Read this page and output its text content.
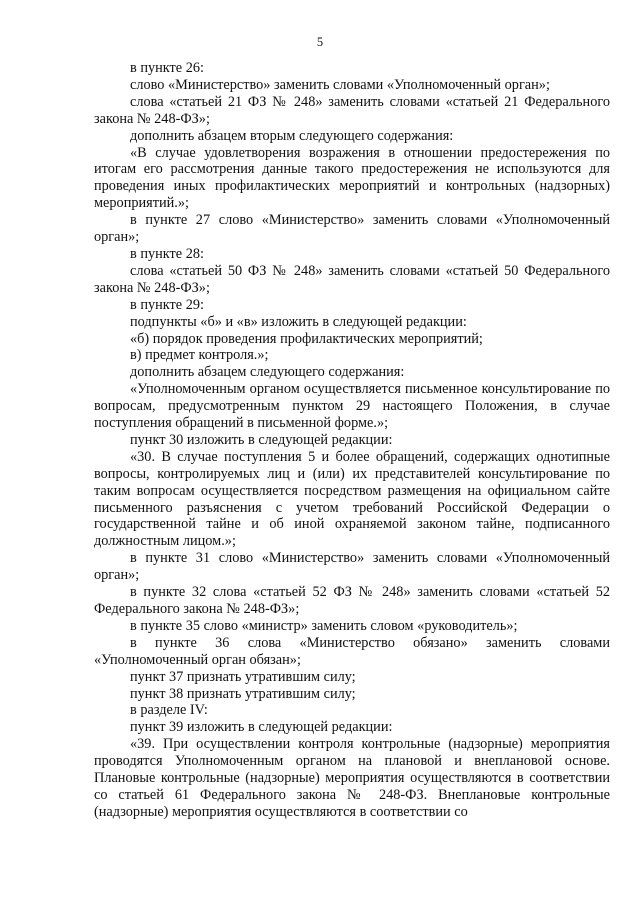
5

в пункте 26:

слово «Министерство» заменить словами «Уполномоченный орган»;

слова «статьей 21 ФЗ № 248» заменить словами «статьей 21 Федерального закона № 248-ФЗ»;

дополнить абзацем вторым следующего содержания:

«В случае удовлетворения возражения в отношении предостережения по итогам его рассмотрения данные такого предостережения не используются для проведения иных профилактических мероприятий и контрольных (надзорных) мероприятий.»;

в пункте 27 слово «Министерство» заменить словами «Уполномоченный орган»;

в пункте 28:

слова «статьей 50 ФЗ № 248» заменить словами «статьей 50 Федерального закона № 248-ФЗ»;

в пункте 29:

подпункты «б» и «в» изложить в следующей редакции:

«б) порядок проведения профилактических мероприятий;

в) предмет контроля.»;

дополнить абзацем следующего содержания:

«Уполномоченным органом осуществляется письменное консультирование по вопросам, предусмотренным пунктом 29 настоящего Положения, в случае поступления обращений в письменной форме.»;

пункт 30 изложить в следующей редакции:

«30. В случае поступления 5 и более обращений, содержащих однотипные вопросы, контролируемых лиц и (или) их представителей консультирование по таким вопросам осуществляется посредством размещения на официальном сайте письменного разъяснения с учетом требований Российской Федерации о государственной тайне и об иной охраняемой законом тайне, подписанного должностным лицом.»;

в пункте 31 слово «Министерство» заменить словами «Уполномоченный орган»;

в пункте 32 слова «статьей 52 ФЗ № 248» заменить словами «статьей 52 Федерального закона № 248-ФЗ»;

в пункте 35 слово «министр» заменить словом «руководитель»;

в пункте 36 слова «Министерство обязано» заменить словами «Уполномоченный орган обязан»;

пункт 37 признать утратившим силу;

пункт 38 признать утратившим силу;

в разделе IV:

пункт 39 изложить в следующей редакции:

«39. При осуществлении контроля контрольные (надзорные) мероприятия проводятся Уполномоченным органом на плановой и внеплановой основе. Плановые контрольные (надзорные) мероприятия осуществляются в соответствии со статьей 61 Федерального закона № 248-ФЗ. Внеплановые контрольные (надзорные) мероприятия осуществляются в соответствии со
